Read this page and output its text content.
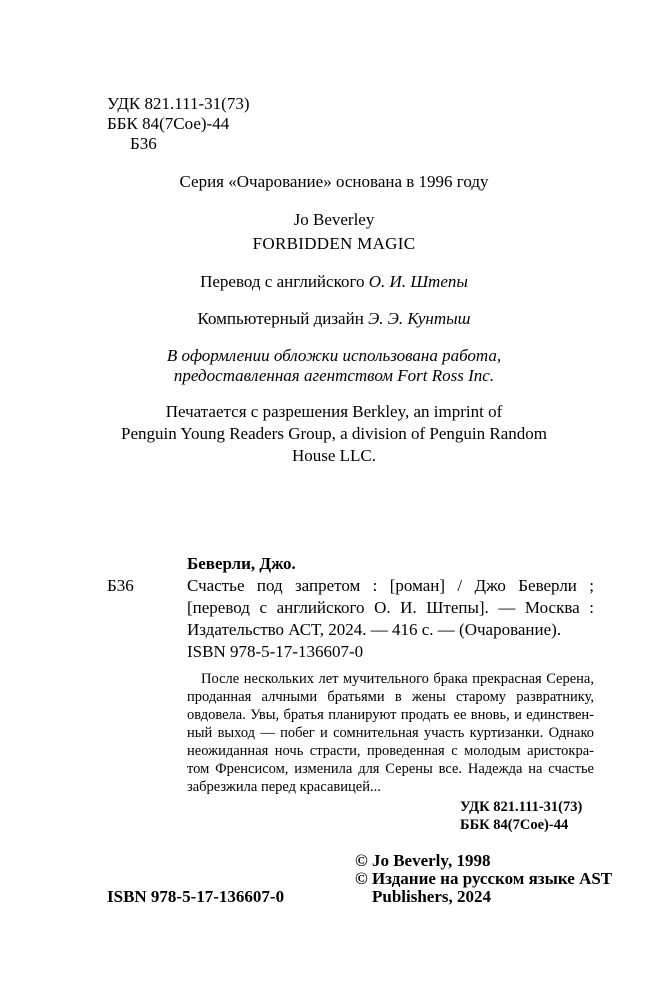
УДК 821.111-31(73)
ББК 84(7Сое)-44
Б36
Серия «Очарование» основана в 1996 году
Jo Beverley
FORBIDDEN MAGIC
Перевод с английского О. И. Штепы
Компьютерный дизайн Э. Э. Кунтыш
В оформлении обложки использована работа,
предоставленная агентством Fort Ross Inc.
Печатается с разрешения Berkley, an imprint of
Penguin Young Readers Group, a division of Penguin Random
House LLC.
Беверли, Джо.
Б36	Счастье под запретом : [роман] / Джо Беверли ;
[перевод с английского О. И. Штепы]. — Москва :
Издательство АСТ, 2024. — 416 с. — (Очарование).
ISBN 978-5-17-136607-0
После нескольких лет мучительного брака прекрасная Серена,
проданная алчными братьями в жены старому развратнику,
овдовела. Увы, братья планируют продать ее вновь, и единствен-
ный выход — побег и сомнительная участь куртизанки. Однако
неожиданная ночь страсти, проведенная с молодым аристокра-
том Френсисом, изменила для Серены все. Надежда на счастье
забрезжила перед красавицей...
УДК 821.111-31(73)
ББК 84(7Сое)-44
© Jo Beverly, 1998
© Издание на русском языке AST
Publishers, 2024
ISBN 978-5-17-136607-0
